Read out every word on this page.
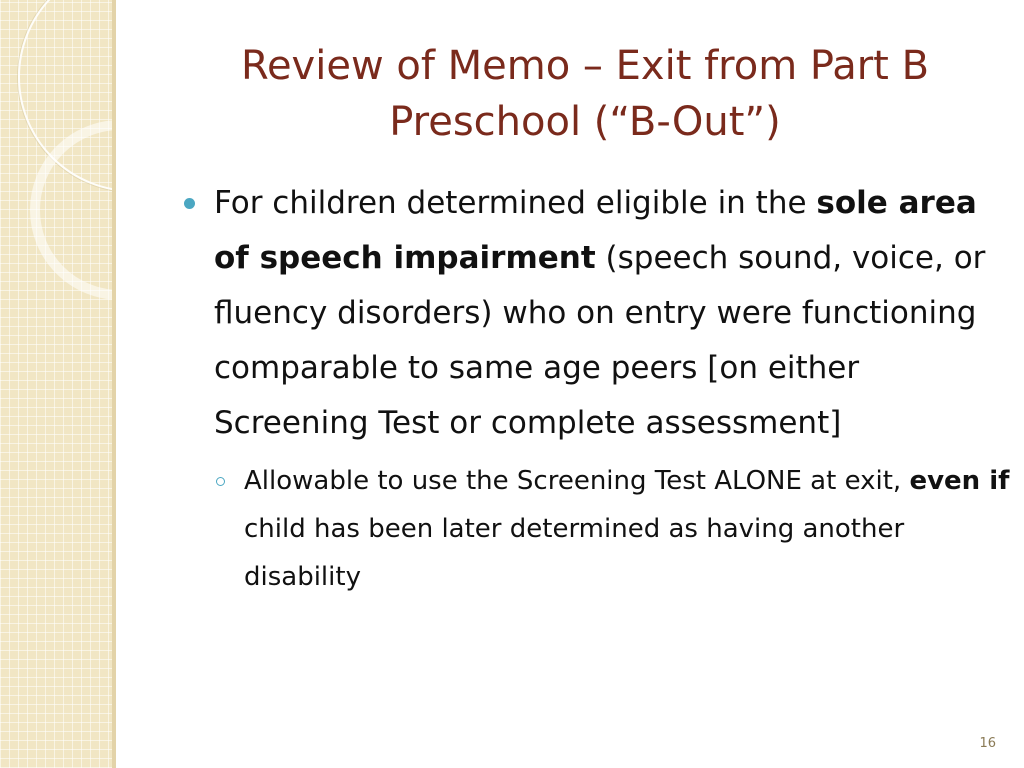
Review of Memo – Exit from Part B
Preschool (“B-Out”)
For children determined eligible in the sole area of speech impairment (speech sound, voice, or fluency disorders) who on entry were functioning comparable to same age peers [on either Screening Test or complete assessment]
Allowable to use the Screening Test ALONE at exit, even if child has been later determined as having another disability
16
